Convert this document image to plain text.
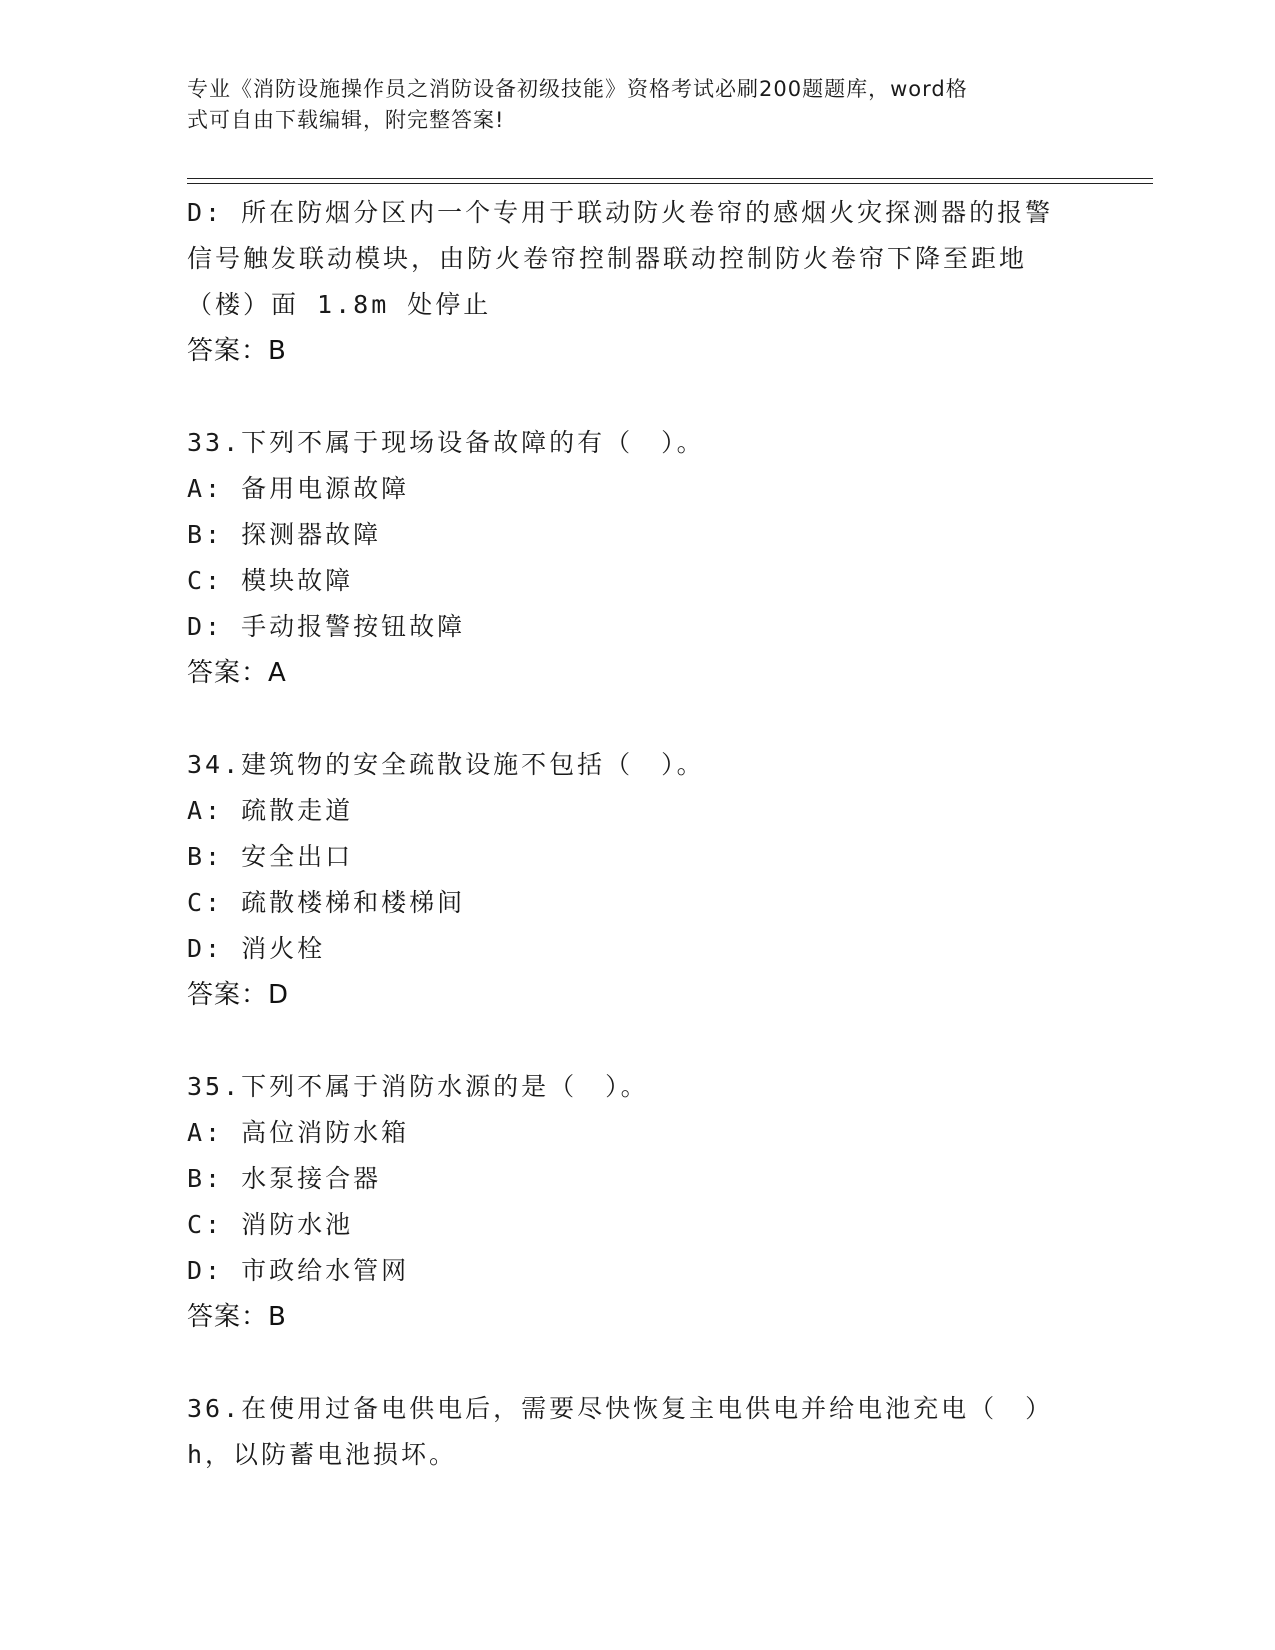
专业《消防设施操作员之消防设备初级技能》资格考试必刷200题题库，word格
式可自由下载编辑，附完整答案!
D: 所在防烟分区内一个专用于联动防火卷帘的感烟火灾探测器的报警
信号触发联动模块，由防火卷帘控制器联动控制防火卷帘下降至距地
（楼）面 1.8m 处停止
答案：B
33.下列不属于现场设备故障的有（　）。
A: 备用电源故障
B: 探测器故障
C: 模块故障
D: 手动报警按钮故障
答案：A
34.建筑物的安全疏散设施不包括（　）。
A: 疏散走道
B: 安全出口
C: 疏散楼梯和楼梯间
D: 消火栓
答案：D
35.下列不属于消防水源的是（　）。
A: 高位消防水箱
B: 水泵接合器
C: 消防水池
D: 市政给水管网
答案：B
36.在使用过备电供电后，需要尽快恢复主电供电并给电池充电（　）
h，以防蓄电池损坏。
